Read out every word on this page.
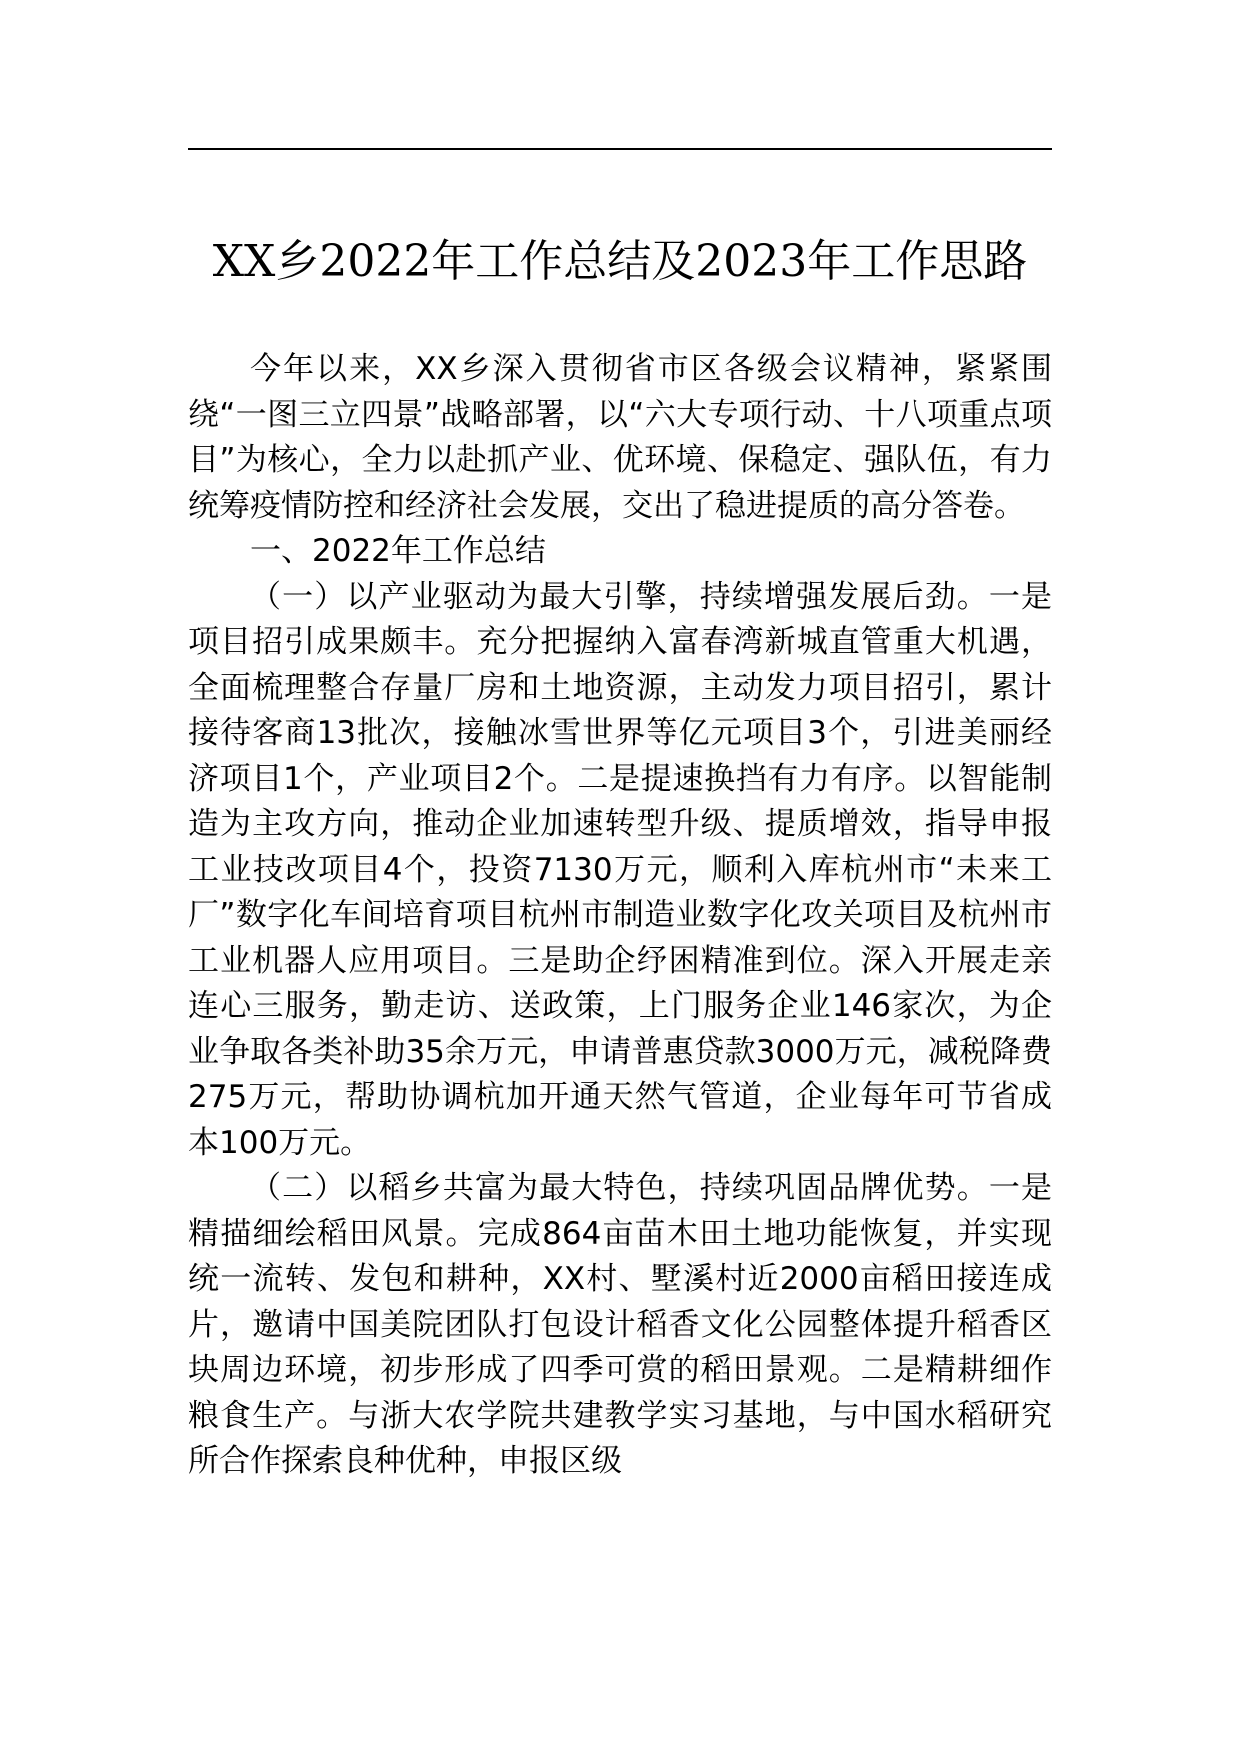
XX乡2022年工作总结及2023年工作思路

今年以来，XX乡深入贯彻省市区各级会议精神，紧紧围绕“一图三立四景”战略部署，以“六大专项行动、十八项重点项目”为核心，全力以赴抓产业、优环境、保稳定、强队伍，有力统筹疫情防控和经济社会发展，交出了稳进提质的高分答卷。

一、2022年工作总结

（一）以产业驱动为最大引擎，持续增强发展后劲。一是项目招引成果颇丰。充分把握纳入富春湾新城直管重大机遇，全面梳理整合存量厂房和土地资源，主动发力项目招引，累计接待客商13批次，接触冰雪世界等亿元项目3个，引进美丽经济项目1个，产业项目2个。二是提速换挡有力有序。以智能制造为主攻方向，推动企业加速转型升级、提质增效，指导申报工业技改项目4个，投资7130万元，顺利入库杭州市“未来工厂”数字化车间培育项目杭州市制造业数字化攻关项目及杭州市工业机器人应用项目。三是助企纾困精准到位。深入开展走亲连心三服务，勤走访、送政策，上门服务企业146家次，为企业争取各类补助35余万元，申请普惠贷款3000万元，减税降费275万元，帮助协调杭加开通天然气管道，企业每年可节省成本100万元。

（二）以稻乡共富为最大特色，持续巩固品牌优势。一是精描细绘稻田风景。完成864亩苗木田土地功能恢复，并实现统一流转、发包和耕种，XX村、墅溪村近2000亩稻田接连成片，邀请中国美院团队打包设计稻香文化公园整体提升稻香区块周边环境，初步形成了四季可赏的稻田景观。二是精耕细作粮食生产。与浙大农学院共建教学实习基地，与中国水稻研究所合作探索良种优种，申报区级
